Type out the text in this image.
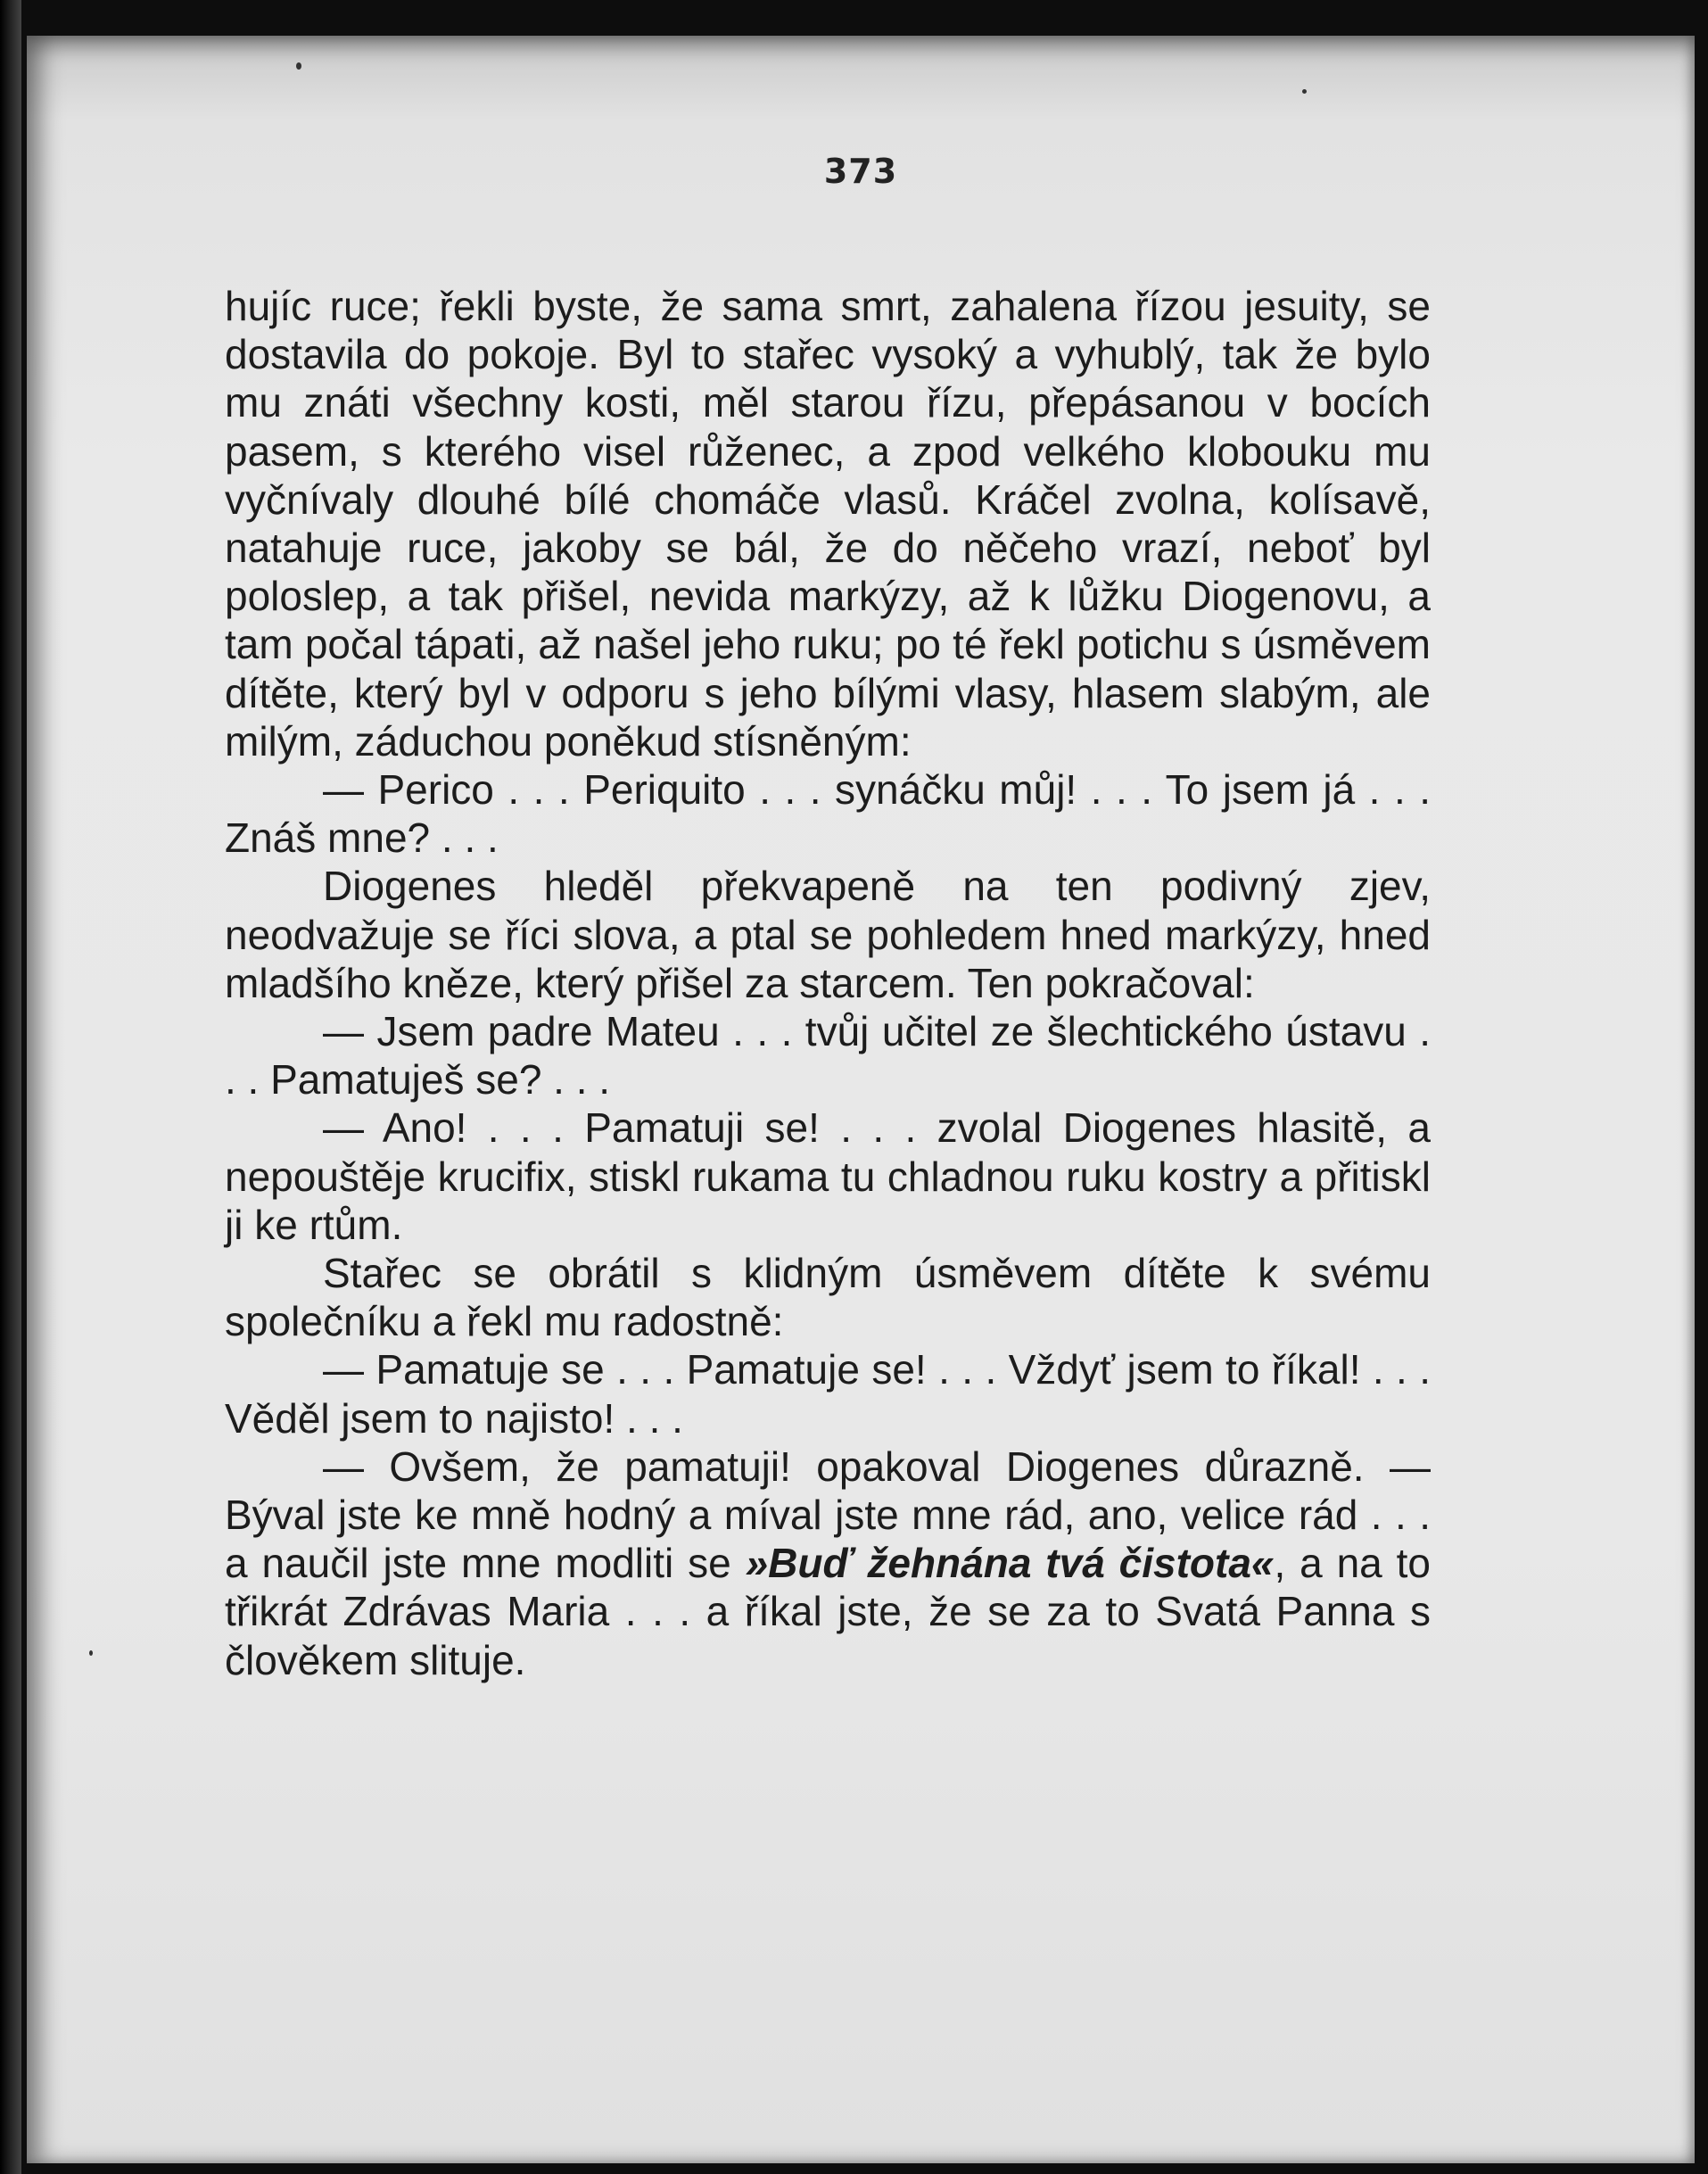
373

hujíc ruce; řekli byste, že sama smrt, zahalena řízou jesuity, se dostavila do pokoje. Byl to stařec vysoký a vyhublý, tak že bylo mu znáti všechny kosti, měl starou řízu, přepásanou v bocích pasem, s kterého visel růženec, a zpod velkého klobouku mu vyčnívaly dlouhé bílé chomáče vlasů. Kráčel zvolna, kolísavě, natahuje ruce, jakoby se bál, že do něčeho vrazí, neboť byl poloslep, a tak přišel, nevida markýzy, až k lůžku Diogenovu, a tam počal tápati, až našel jeho ruku; po té řekl potichu s úsměvem dítěte, který byl v odporu s jeho bílými vlasy, hlasem slabým, ale milým, záduchou poněkud stísněným:

— Perico . . . Periquito . . . synáčku můj! . . . To jsem já . . . Znáš mne? . . .

Diogenes hleděl překvapeně na ten podivný zjev, neodvažuje se říci slova, a ptal se pohledem hned markýzy, hned mladšího kněze, který přišel za starcem. Ten pokračoval:

— Jsem padre Mateu . . . tvůj učitel ze šlechtického ústavu . . . Pamatuješ se? . . .

— Ano! . . . Pamatuji se! . . . zvolal Diogenes hlasitě, a nepouštěje krucifix, stiskl rukama tu chladnou ruku kostry a přitiskl ji ke rtům.

Stařec se obrátil s klidným úsměvem dítěte k svému společníku a řekl mu radostně:

— Pamatuje se . . . Pamatuje se! . . . Vždyť jsem to říkal! . . . Věděl jsem to najisto! . . .

— Ovšem, že pamatuji! opakoval Diogenes důrazně. — Býval jste ke mně hodný a míval jste mne rád, ano, velice rád . . . a naučil jste mne modliti se »Buď žehnána tvá čistota«, a na to třikrát Zdrávas Maria . . . a říkal jste, že se za to Svatá Panna s člověkem slituje.
